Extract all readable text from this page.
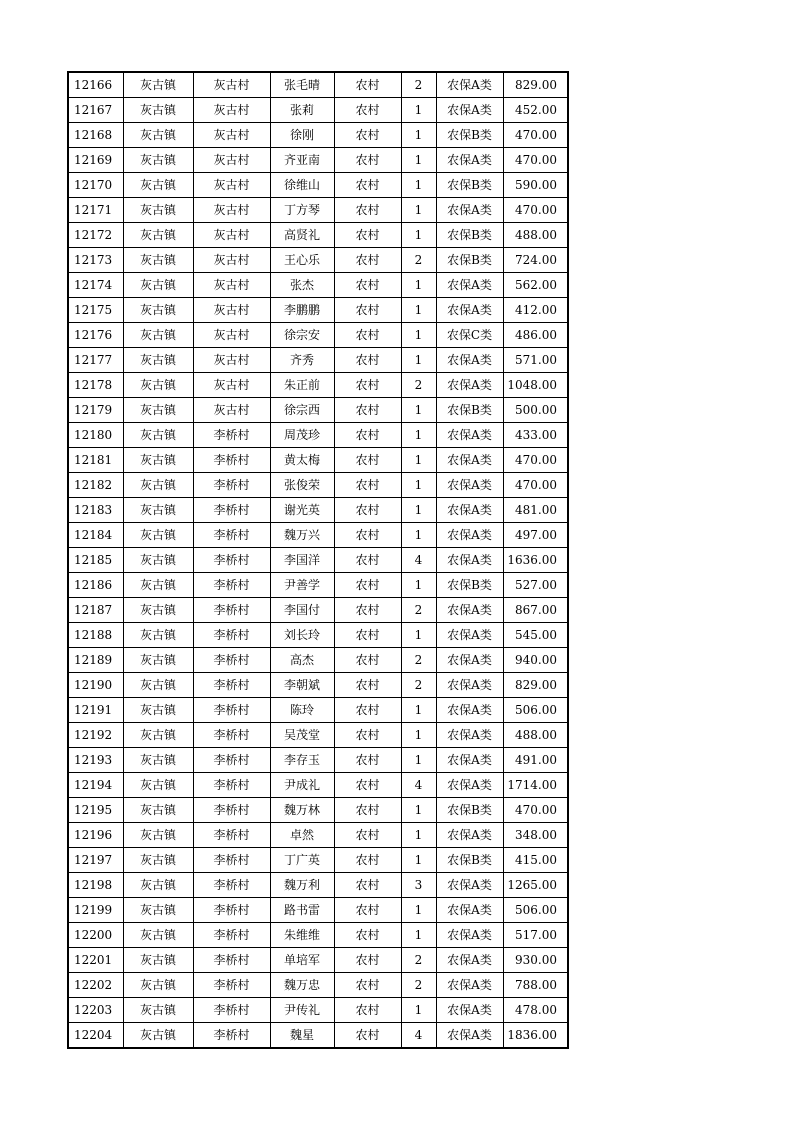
12166	灰古镇	灰古村	张毛晴	农村	2	农保A类	829.00
12167	灰古镇	灰古村	张莉	农村	1	农保A类	452.00
12168	灰古镇	灰古村	徐刚	农村	1	农保B类	470.00
12169	灰古镇	灰古村	齐亚南	农村	1	农保A类	470.00
12170	灰古镇	灰古村	徐维山	农村	1	农保B类	590.00
12171	灰古镇	灰古村	丁方琴	农村	1	农保A类	470.00
12172	灰古镇	灰古村	高贤礼	农村	1	农保B类	488.00
12173	灰古镇	灰古村	王心乐	农村	2	农保B类	724.00
12174	灰古镇	灰古村	张杰	农村	1	农保A类	562.00
12175	灰古镇	灰古村	李鹏鹏	农村	1	农保A类	412.00
12176	灰古镇	灰古村	徐宗安	农村	1	农保C类	486.00
12177	灰古镇	灰古村	齐秀	农村	1	农保A类	571.00
12178	灰古镇	灰古村	朱正前	农村	2	农保A类	1048.00
12179	灰古镇	灰古村	徐宗西	农村	1	农保B类	500.00
12180	灰古镇	李桥村	周茂珍	农村	1	农保A类	433.00
12181	灰古镇	李桥村	黄太梅	农村	1	农保A类	470.00
12182	灰古镇	李桥村	张俊荣	农村	1	农保A类	470.00
12183	灰古镇	李桥村	谢光英	农村	1	农保A类	481.00
12184	灰古镇	李桥村	魏万兴	农村	1	农保A类	497.00
12185	灰古镇	李桥村	李国洋	农村	4	农保A类	1636.00
12186	灰古镇	李桥村	尹善学	农村	1	农保B类	527.00
12187	灰古镇	李桥村	李国付	农村	2	农保A类	867.00
12188	灰古镇	李桥村	刘长玲	农村	1	农保A类	545.00
12189	灰古镇	李桥村	高杰	农村	2	农保A类	940.00
12190	灰古镇	李桥村	李朝斌	农村	2	农保A类	829.00
12191	灰古镇	李桥村	陈玲	农村	1	农保A类	506.00
12192	灰古镇	李桥村	吴茂堂	农村	1	农保A类	488.00
12193	灰古镇	李桥村	李存玉	农村	1	农保A类	491.00
12194	灰古镇	李桥村	尹成礼	农村	4	农保A类	1714.00
12195	灰古镇	李桥村	魏万林	农村	1	农保B类	470.00
12196	灰古镇	李桥村	卓然	农村	1	农保A类	348.00
12197	灰古镇	李桥村	丁广英	农村	1	农保B类	415.00
12198	灰古镇	李桥村	魏万利	农村	3	农保A类	1265.00
12199	灰古镇	李桥村	路书雷	农村	1	农保A类	506.00
12200	灰古镇	李桥村	朱维维	农村	1	农保A类	517.00
12201	灰古镇	李桥村	单培军	农村	2	农保A类	930.00
12202	灰古镇	李桥村	魏万忠	农村	2	农保A类	788.00
12203	灰古镇	李桥村	尹传礼	农村	1	农保A类	478.00
12204	灰古镇	李桥村	魏星	农村	4	农保A类	1836.00
